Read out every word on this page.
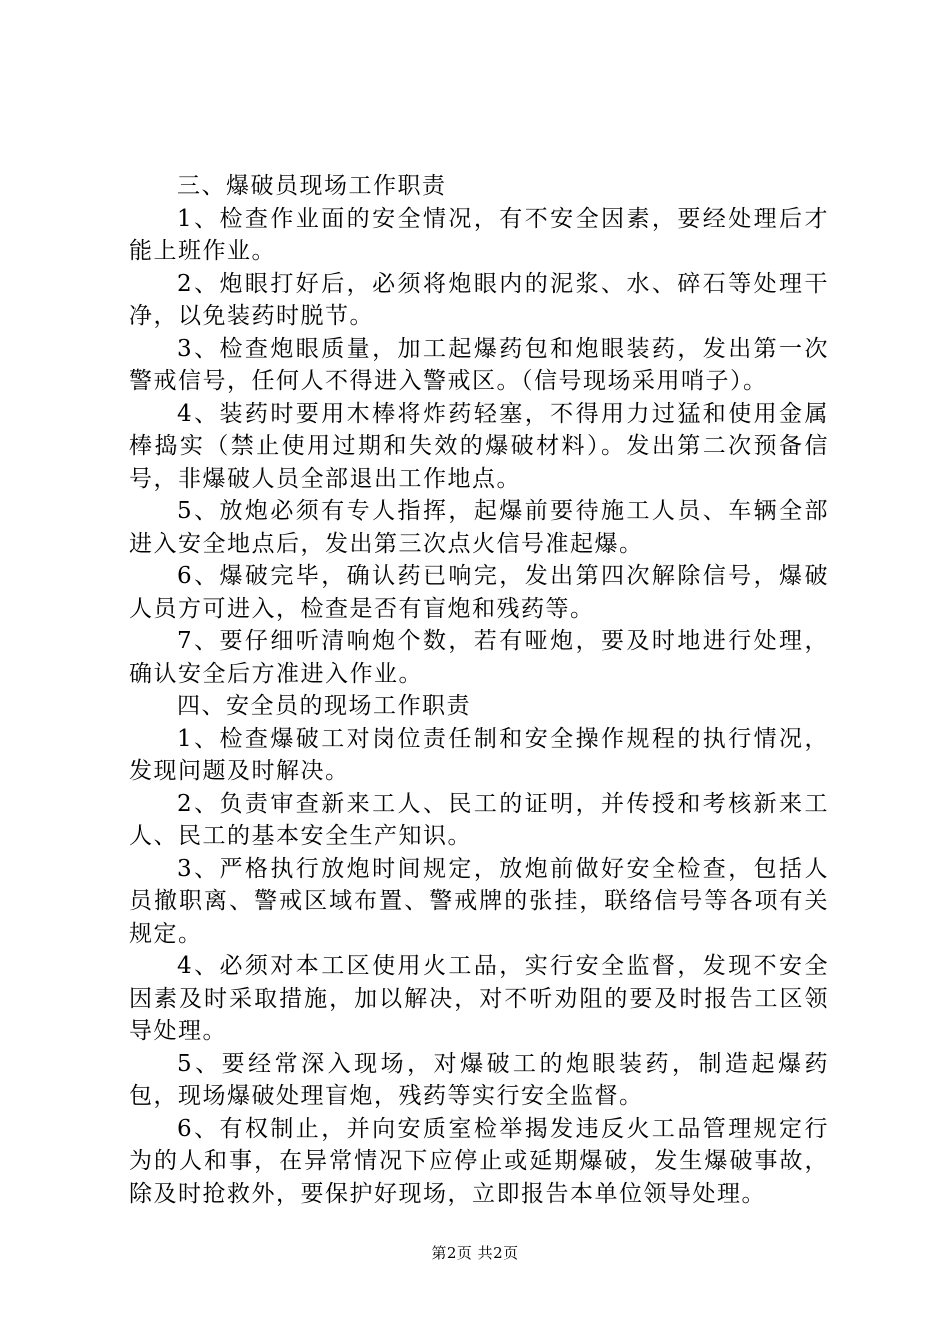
三、爆破员现场工作职责

1、检查作业面的安全情况，有不安全因素，要经处理后才能上班作业。

2、炮眼打好后，必须将炮眼内的泥浆、水、碎石等处理干净，以免装药时脱节。

3、检查炮眼质量，加工起爆药包和炮眼装药，发出第一次警戒信号，任何人不得进入警戒区。（信号现场采用哨子）。

4、装药时要用木棒将炸药轻塞，不得用力过猛和使用金属棒捣实（禁止使用过期和失效的爆破材料）。发出第二次预备信号，非爆破人员全部退出工作地点。

5、放炮必须有专人指挥，起爆前要待施工人员、车辆全部进入安全地点后，发出第三次点火信号准起爆。

6、爆破完毕，确认药已响完，发出第四次解除信号，爆破人员方可进入，检查是否有盲炮和残药等。

7、要仔细听清响炮个数，若有哑炮，要及时地进行处理，确认安全后方准进入作业。

四、安全员的现场工作职责

1、检查爆破工对岗位责任制和安全操作规程的执行情况，发现问题及时解决。

2、负责审查新来工人、民工的证明，并传授和考核新来工人、民工的基本安全生产知识。

3、严格执行放炮时间规定，放炮前做好安全检查，包括人员撤职离、警戒区域布置、警戒牌的张挂，联络信号等各项有关规定。

4、必须对本工区使用火工品，实行安全监督，发现不安全因素及时采取措施，加以解决，对不听劝阻的要及时报告工区领导处理。

5、要经常深入现场，对爆破工的炮眼装药，制造起爆药包，现场爆破处理盲炮，残药等实行安全监督。

6、有权制止，并向安质室检举揭发违反火工品管理规定行为的人和事，在异常情况下应停止或延期爆破，发生爆破事故，除及时抢救外，要保护好现场，立即报告本单位领导处理。

第2页 共2页
